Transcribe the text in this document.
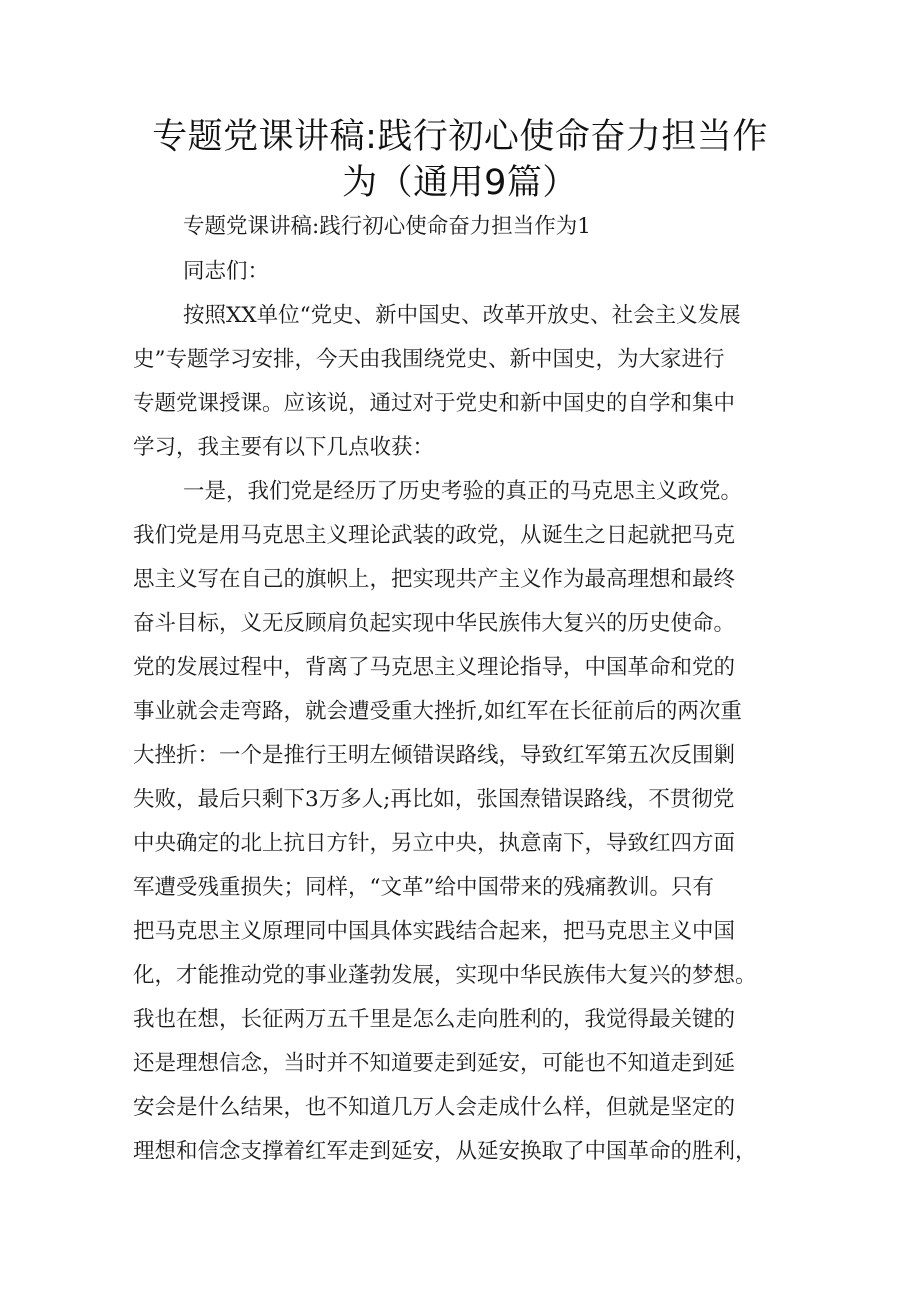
专题党课讲稿:践行初心使命奋力担当作
为（通用9篇）
专题党课讲稿:践行初心使命奋力担当作为1
同志们：
按照XX单位“党史、新中国史、改革开放史、社会主义发展
史”专题学习安排，今天由我围绕党史、新中国史，为大家进行
专题党课授课。应该说，通过对于党史和新中国史的自学和集中
学习，我主要有以下几点收获：
一是，我们党是经历了历史考验的真正的马克思主义政党。
我们党是用马克思主义理论武装的政党，从诞生之日起就把马克
思主义写在自己的旗帜上，把实现共产主义作为最高理想和最终
奋斗目标，义无反顾肩负起实现中华民族伟大复兴的历史使命。
党的发展过程中，背离了马克思主义理论指导，中国革命和党的
事业就会走弯路，就会遭受重大挫折,如红军在长征前后的两次重
大挫折：一个是推行王明左倾错误路线，导致红军第五次反围剿
失败，最后只剩下3万多人;再比如，张国焘错误路线，不贯彻党
中央确定的北上抗日方针，另立中央，执意南下，导致红四方面
军遭受残重损失；同样，“文革”给中国带来的残痛教训。只有
把马克思主义原理同中国具体实践结合起来，把马克思主义中国
化，才能推动党的事业蓬勃发展，实现中华民族伟大复兴的梦想。
我也在想，长征两万五千里是怎么走向胜利的，我觉得最关键的
还是理想信念，当时并不知道要走到延安，可能也不知道走到延
安会是什么结果，也不知道几万人会走成什么样，但就是坚定的
理想和信念支撑着红军走到延安，从延安换取了中国革命的胜利，
